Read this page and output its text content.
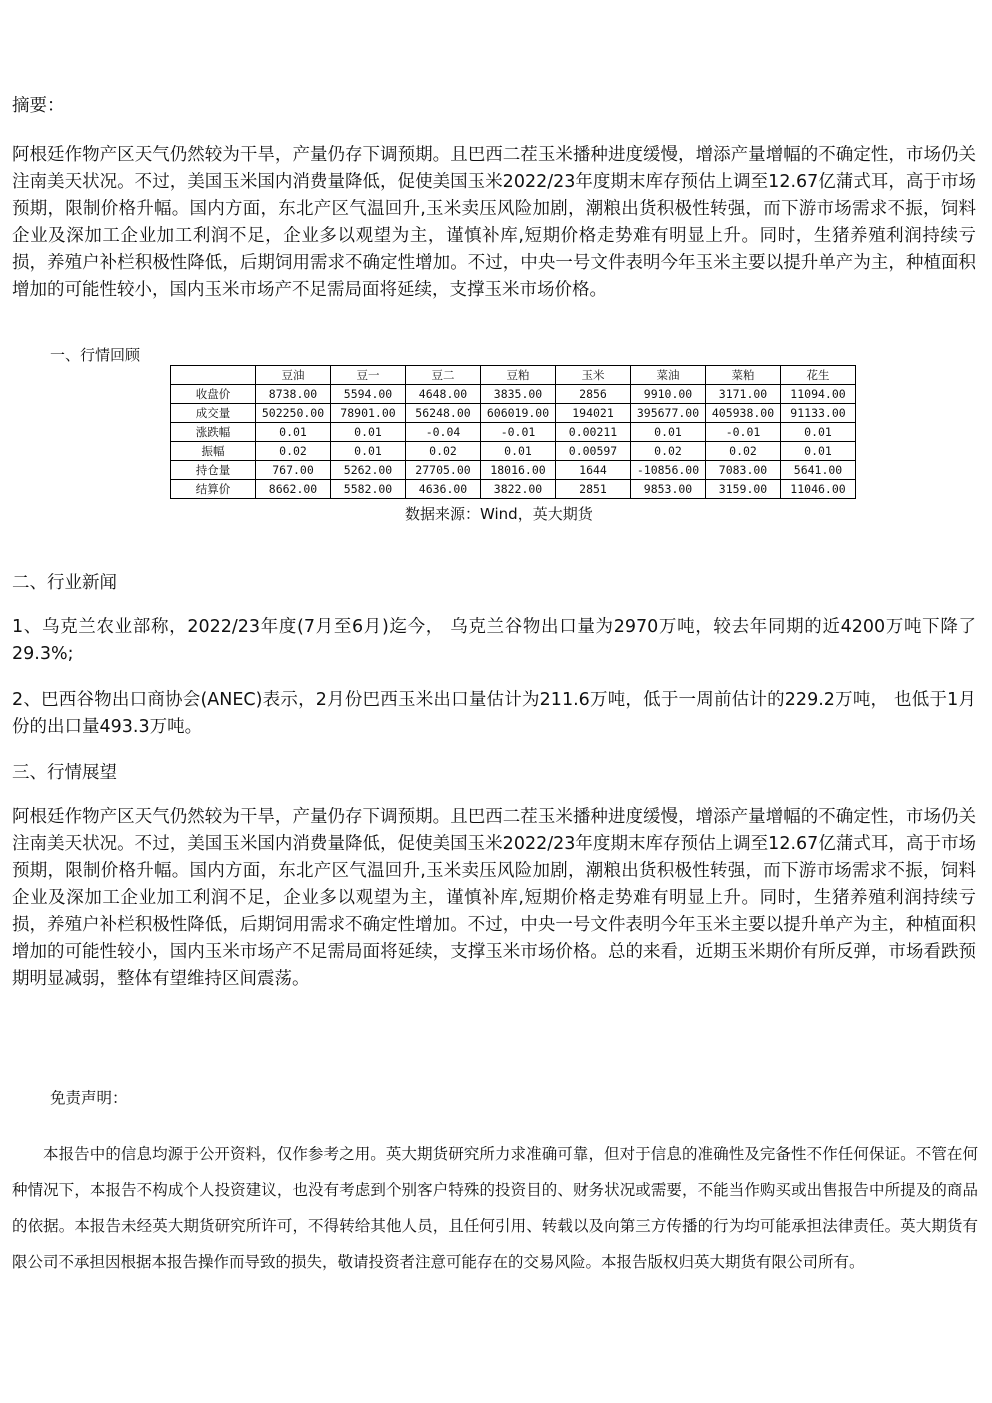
摘要：

阿根廷作物产区天气仍然较为干旱，产量仍存下调预期。且巴西二茬玉米播种进度缓慢，增添产量增幅的不确定性，市场仍关注南美天状况。不过，美国玉米国内消费量降低，促使美国玉米2022/23年度期末库存预估上调至12.67亿蒲式耳，高于市场预期，限制价格升幅。国内方面，东北产区气温回升,玉米卖压风险加剧，潮粮出货积极性转强，而下游市场需求不振，饲料企业及深加工企业加工利润不足，企业多以观望为主，谨慎补库,短期价格走势难有明显上升。同时，生猪养殖利润持续亏损，养殖户补栏积极性降低，后期饲用需求不确定性增加。不过，中央一号文件表明今年玉米主要以提升单产为主，种植面积增加的可能性较小，国内玉米市场产不足需局面将延续，支撑玉米市场价格。

一、行情回顾
	豆油	豆一	豆二	豆粕	玉米	菜油	菜粕	花生
收盘价	8738.00	5594.00	4648.00	3835.00	2856	9910.00	3171.00	11094.00
成交量	502250.00	78901.00	56248.00	606019.00	194021	395677.00	405938.00	91133.00
涨跌幅	0.01	0.01	-0.04	-0.01	0.00211	0.01	-0.01	0.01
振幅	0.02	0.01	0.02	0.01	0.00597	0.02	0.02	0.01
持仓量	767.00	5262.00	27705.00	18016.00	1644	-10856.00	7083.00	5641.00
结算价	8662.00	5582.00	4636.00	3822.00	2851	9853.00	3159.00	11046.00
数据来源：Wind，英大期货
二、行业新闻

1、乌克兰农业部称，2022/23年度(7月至6月)迄今， 乌克兰谷物出口量为2970万吨，较去年同期的近4200万吨下降了29.3%;

2、巴西谷物出口商协会(ANEC)表示，2月份巴西玉米出口量估计为211.6万吨，低于一周前估计的229.2万吨， 也低于1月份的出口量493.3万吨。

三、行情展望

阿根廷作物产区天气仍然较为干旱，产量仍存下调预期。且巴西二茬玉米播种进度缓慢，增添产量增幅的不确定性，市场仍关注南美天状况。不过，美国玉米国内消费量降低，促使美国玉米2022/23年度期末库存预估上调至12.67亿蒲式耳，高于市场预期，限制价格升幅。国内方面，东北产区气温回升,玉米卖压风险加剧，潮粮出货积极性转强，而下游市场需求不振，饲料企业及深加工企业加工利润不足，企业多以观望为主，谨慎补库,短期价格走势难有明显上升。同时，生猪养殖利润持续亏损，养殖户补栏积极性降低，后期饲用需求不确定性增加。不过，中央一号文件表明今年玉米主要以提升单产为主，种植面积增加的可能性较小，国内玉米市场产不足需局面将延续，支撑玉米市场价格。总的来看，近期玉米期价有所反弹，市场看跌预期明显减弱，整体有望维持区间震荡。

免责声明：

本报告中的信息均源于公开资料，仅作参考之用。英大期货研究所力求准确可靠，但对于信息的准确性及完备性不作任何保证。不管在何种情况下，本报告不构成个人投资建议，也没有考虑到个别客户特殊的投资目的、财务状况或需要，不能当作购买或出售报告中所提及的商品的依据。本报告未经英大期货研究所许可，不得转给其他人员，且任何引用、转载以及向第三方传播的行为均可能承担法律责任。英大期货有限公司不承担因根据本报告操作而导致的损失，敬请投资者注意可能存在的交易风险。本报告版权归英大期货有限公司所有。
